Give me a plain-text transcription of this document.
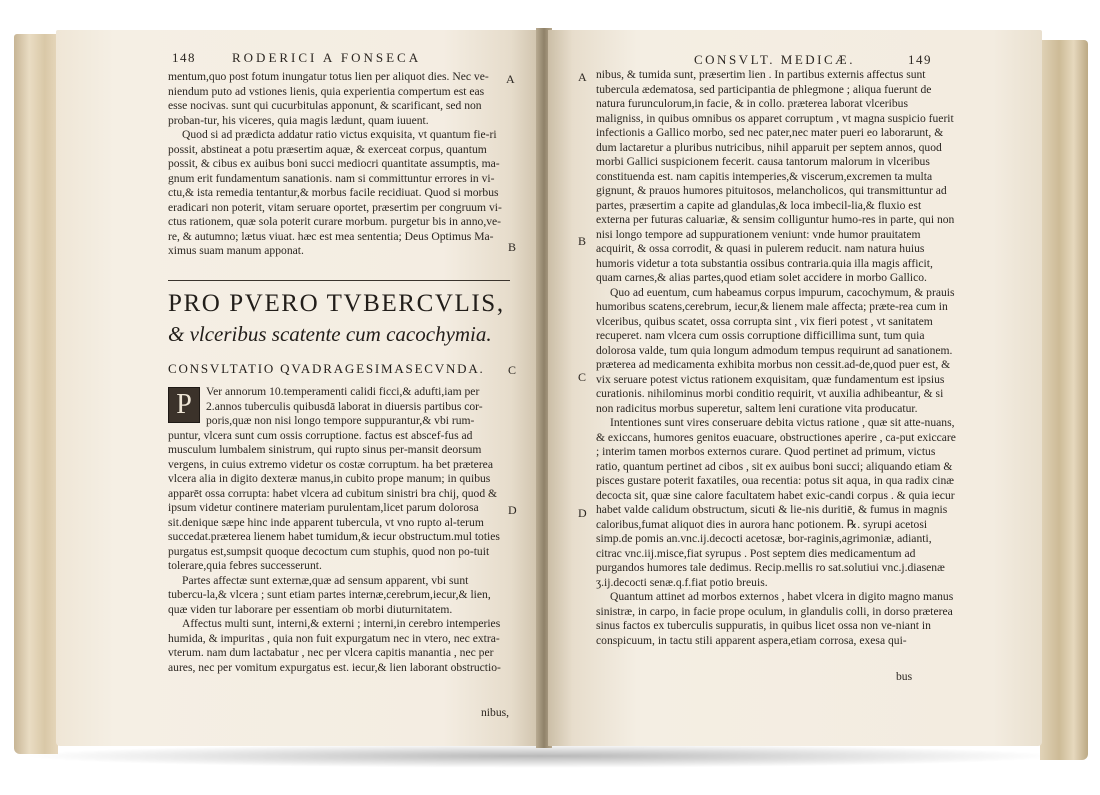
148	RODERICI A FONSECA

mentum,quo post fotum inungatur totus lien per aliquot dies. Nec ve-niendum puto ad vstiones lienis, quia experientia compertum est eas esse nocivas. sunt qui cucurbitulas apponunt, & scarificant, sed non proban-tur, his viceres, quia magis lædunt, quam iuuent.

Quod si ad prædicta addatur ratio victus exquisita, vt quantum fie-ri possit, abstineat a potu præsertim aquæ, & exerceat corpus, quantum possit, & cibus ex auibus boni succi mediocri quantitate assumptis, ma-gnum erit fundamentum sanationis. nam si committuntur errores in vi-ctu,& ista remedia tentantur,& morbus facile recidiuat. Quod si morbus eradicari non poterit, vitam seruare oportet, præsertim per congruum vi-ctus rationem, quæ sola poterit curare morbum. purgetur bis in anno,ve-re, & autumno; lætus viuat. hæc est mea sententia; Deus Optimus Ma-ximus suam manum apponat.

PRO PVERO TVBERCVLIS,
& vlceribus scatente cum cacochymia.
CONSVLTATIO QVADRAGESIMASECVNDA.
P	Ver annorum 10.temperamenti calidi ficci,& adufti,iam per 2.annos tuberculis quibusdā laborat in diuersis partibus cor-poris,quæ non nisi longo tempore suppurantur,& vbi rum-puntur, vlcera sunt cum ossis corruptione. factus est abscef-fus ad musculum lumbalem sinistrum, qui rupto sinus per-mansit deorsum vergens, in cuius extremo videtur os costæ corruptum. ha bet præterea vlcera alia in digito dexteræ manus,in cubito prope manum; in quibus apparēt ossa corrupta: habet vlcera ad cubitum sinistri bra chij, quod & ipsum videtur continere materiam purulentam,licet parum dolorosa sit.denique sæpe hinc inde apparent tubercula, vt vno rupto al-terum succedat.præterea lienem habet tumidum,& iecur obstructum.mul toties purgatus est,sumpsit quoque decoctum cum stuphis, quod non po-tuit tolerare,quia febres successerunt.

Partes affectæ sunt externæ,quæ ad sensum apparent, vbi sunt tubercu-la,& vlcera ; sunt etiam partes internæ,cerebrum,iecur,& lien, quæ viden tur laborare per essentiam ob morbi diuturnitatem.

Affectus multi sunt, interni,& externi ; interni,in cerebro intemperies humida, & impuritas , quia non fuit expurgatum nec in vtero, nec extra-vterum. nam dum lactabatur , nec per vlcera capitis manantia , nec per aures, nec per vomitum expurgatus est. iecur,& lien laborant obstructio-

nibus,
A
B
C
D
CONSVLT. MEDICÆ.	149

nibus, & tumida sunt, præsertim lien . In partibus externis affectus sunt tubercula ædematosa, sed participantia de phlegmone ; aliqua fuerunt de natura furunculorum,in facie, & in collo. præterea laborat vlceribus maligniss, in quibus omnibus os apparet corruptum , vt magna suspicio fuerit infectionis a Gallico morbo, sed nec pater,nec mater pueri eo laborarunt, & dum lactaretur a pluribus nutricibus, nihil apparuit per septem annos, quod morbi Gallici suspicionem fecerit. causa tantorum malorum in vlceribus constituenda est. nam capitis intemperies,& viscerum,excremen ta multa gignunt, & prauos humores pituitosos, melancholicos, qui transmittuntur ad partes, præsertim a capite ad glandulas,& loca imbecil-lia,& fluxio est externa per futuras caluariæ, & sensim colliguntur humo-res in parte, qui non nisi longo tempore ad suppurationem veniunt: vnde humor prauitatem acquirit, & ossa corrodit, & quasi in pulerem reducit. nam natura huius humoris videtur a tota substantia ossibus contraria.quia illa magis afficit, quam carnes,& alias partes,quod etiam solet accidere in morbo Gallico.

Quo ad euentum, cum habeamus corpus impurum, cacochymum, & prauis humoribus scatens,cerebrum, iecur,& lienem male affecta; præte-rea cum in vlceribus, quibus scatet, ossa corrupta sint , vix fieri potest , vt sanitatem recuperet. nam vlcera cum ossis corruptione difficillima sunt, tum quia dolorosa valde, tum quia longum admodum tempus requirunt ad sanationem. præterea ad medicamenta exhibita morbus non cessit.ad-de,quod puer est, & vix seruare potest victus rationem exquisitam, quæ fundamentum est ipsius curationis. nihilominus morbi conditio requirit, vt auxilia adhibeantur, & si non radicitus morbus superetur, saltem leni curatione vita producatur.

Intentiones sunt vires conseruare debita victus ratione , quæ sit atte-nuans, & exiccans, humores genitos euacuare, obstructiones aperire , ca-put exiccare ; interim tamen morbos externos curare. Quod pertinet ad primum, victus ratio, quantum pertinet ad cibos , sit ex auibus boni succi; aliquando etiam & pisces gustare poterit faxatiles, oua recentia: potus sit aqua, in qua radix cinæ decocta sit, quæ sine calore facultatem habet exic-candi corpus . & quia iecur habet valde calidum obstructum, sicuti & lie-nis duritiē, & fumus in magnis caloribus,fumat aliquot dies in aurora hanc potionem. ℞. syrupi acetosi simp.de pomis an.vnc.ij.decocti acetosæ, bor-raginis,agrimoniæ, adianti, citrac vnc.iij.misce,fiat syrupus . Post septem dies medicamentum ad purgandos humores tale dedimus. Recip.mellis ro sat.solutiui vnc.j.diasenæ ʒ.ij.decocti senæ.q.f.fiat potio breuis.

Quantum attinet ad morbos externos , habet vlcera in digito magno manus sinistræ, in carpo, in facie prope oculum, in glandulis colli, in dorso præterea sinus factos ex tuberculis suppuratis, in quibus licet ossa non ve-niant in conspicuum, in tactu stili apparent aspera,etiam corrosa, exesa qui-

bus
A
B
C
D
